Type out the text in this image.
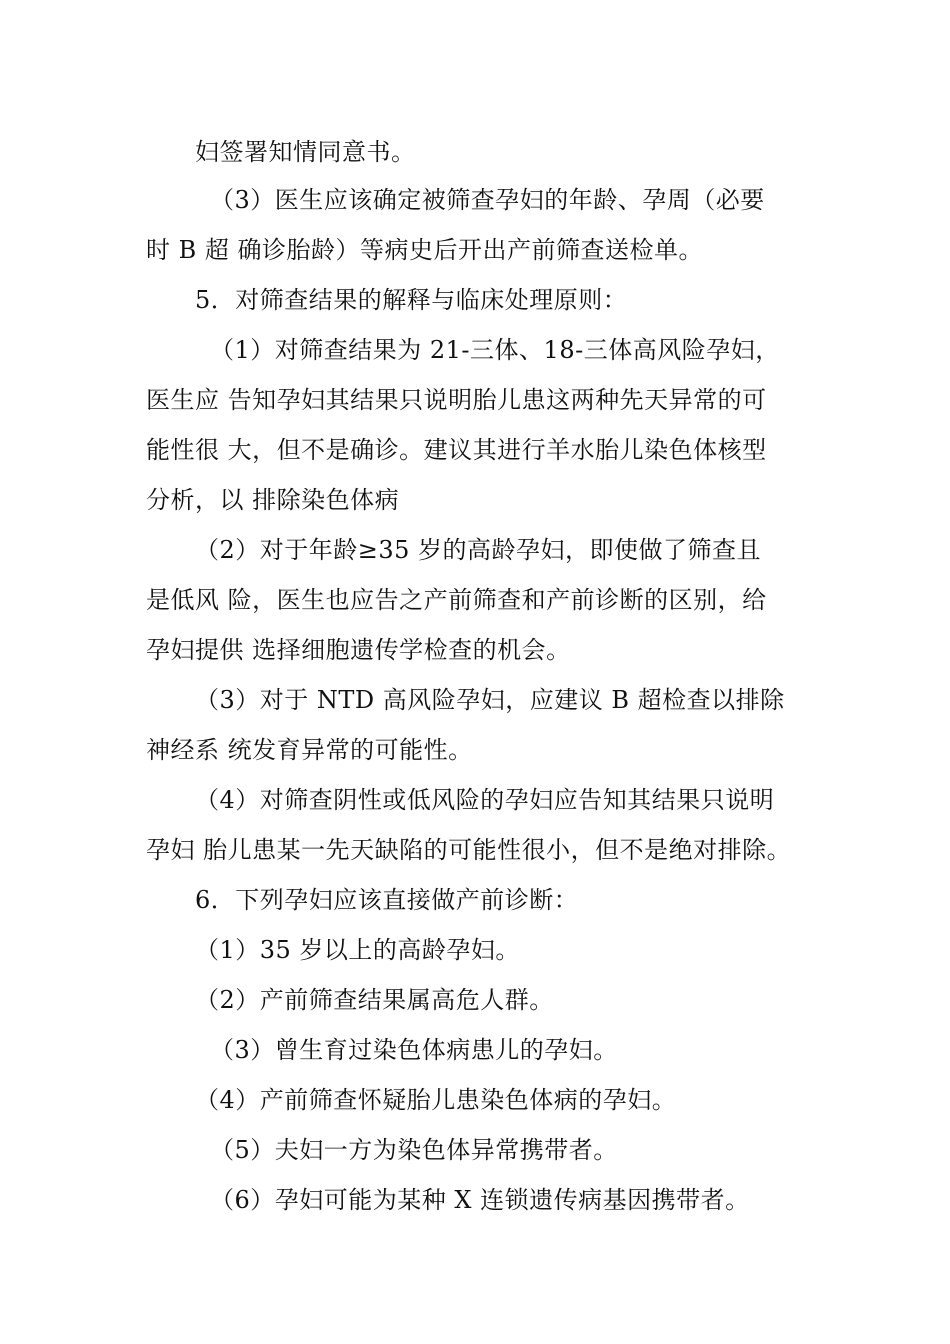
妇签署知情同意书。
（3）医生应该确定被筛查孕妇的年龄、孕周（必要
时 B 超 确诊胎龄）等病史后开出产前筛查送检单。
5．对筛查结果的解释与临床处理原则：
（1）对筛查结果为 21-三体、18-三体高风险孕妇，
医生应 告知孕妇其结果只说明胎儿患这两种先天异常的可
能性很 大，但不是确诊。建议其进行羊水胎儿染色体核型
分析，以 排除染色体病
（2）对于年龄≥35 岁的高龄孕妇，即使做了筛查且
是低风 险，医生也应告之产前筛查和产前诊断的区别，给
孕妇提供 选择细胞遗传学检查的机会。
（3）对于 NTD 高风险孕妇，应建议 B 超检查以排除
神经系 统发育异常的可能性。
（4）对筛查阴性或低风险的孕妇应告知其结果只说明
孕妇 胎儿患某一先天缺陷的可能性很小，但不是绝对排除。
6．下列孕妇应该直接做产前诊断：
（1）35 岁以上的高龄孕妇。
（2）产前筛查结果属高危人群。
（3）曾生育过染色体病患儿的孕妇。
（4）产前筛查怀疑胎儿患染色体病的孕妇。
（5）夫妇一方为染色体异常携带者。
（6）孕妇可能为某种 X 连锁遗传病基因携带者。
